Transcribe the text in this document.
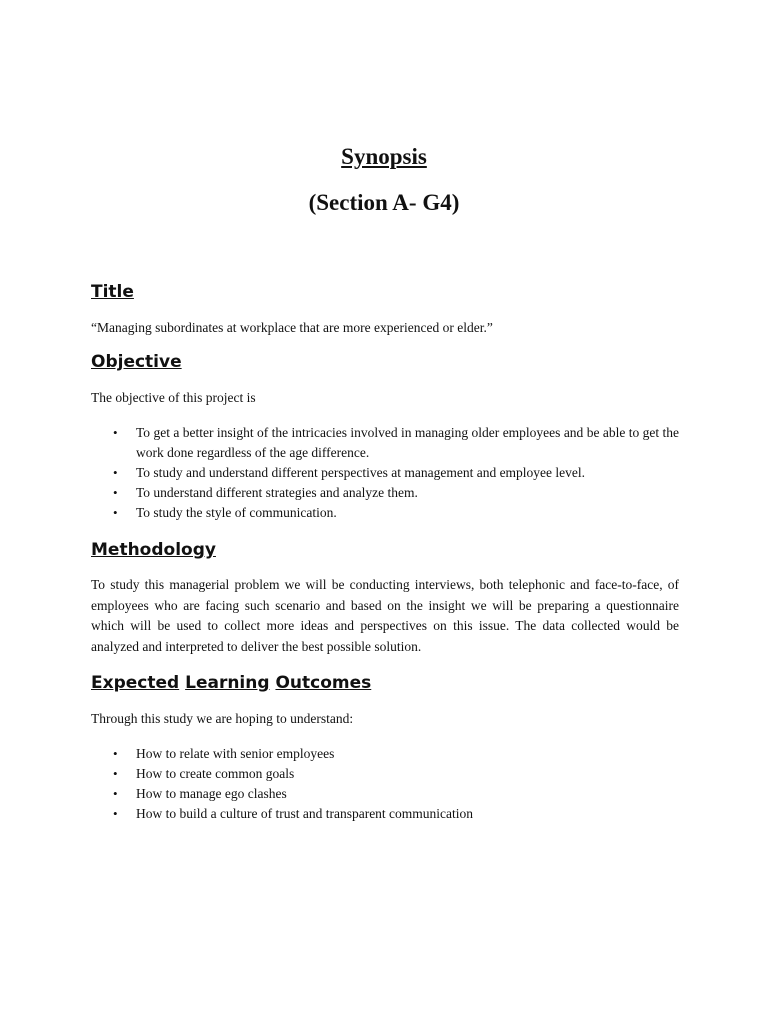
Synopsis
(Section A- G4)
Title

“Managing subordinates at workplace that are more experienced or elder.”

Objective

The objective of this project is

• To get a better insight of the intricacies involved in managing older employees and be able to get the work done regardless of the age difference.
• To study and understand different perspectives at management and employee level.
• To understand different strategies and analyze them.
• To study the style of communication.
Methodology

To study this managerial problem we will be conducting interviews, both telephonic and face-to-face, of employees who are facing such scenario and based on the insight we will be preparing a questionnaire which will be used to collect more ideas and perspectives on this issue. The data collected would be analyzed and interpreted to deliver the best possible solution.

Expected Learning Outcomes

Through this study we are hoping to understand:

• How to relate with senior employees
• How to create common goals
• How to manage ego clashes
• How to build a culture of trust and transparent communication
